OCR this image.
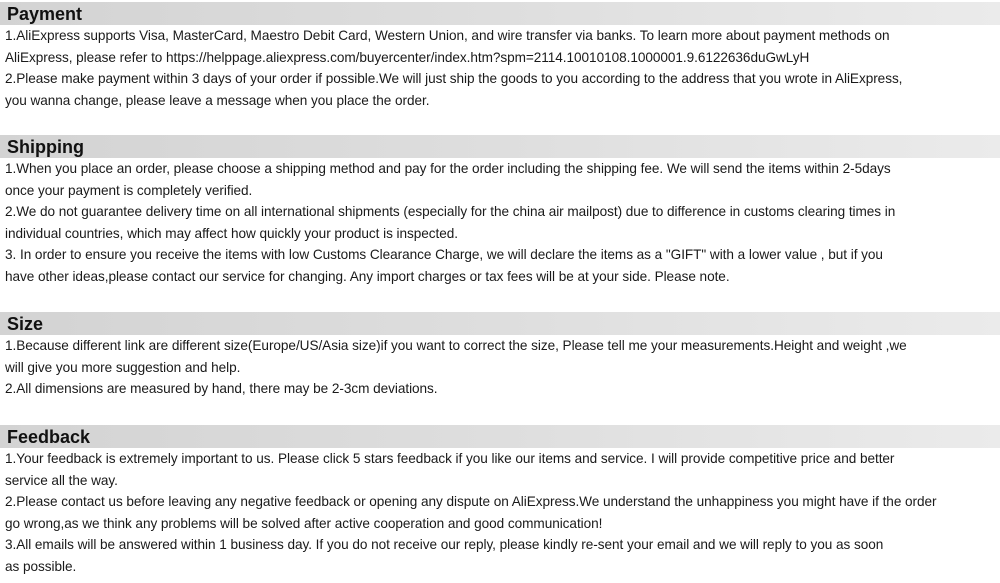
Payment
1.AliExpress supports Visa, MasterCard, Maestro Debit Card, Western Union, and wire transfer via banks. To learn more about payment methods on
AliExpress, please refer to https://helppage.aliexpress.com/buyercenter/index.htm?spm=2114.10010108.1000001.9.6122636duGwLyH
2.Please make payment within 3 days of your order if possible.We will just ship the goods to you according to the address that you wrote in AliExpress,
you wanna change, please leave a message when you place the order.
Shipping
1.When you place an order, please choose a shipping method and pay for the order including the shipping fee. We will send the items within 2-5days
once your payment is completely verified.
2.We do not guarantee delivery time on all international shipments (especially for the china air mailpost) due to difference in customs clearing times in
individual countries, which may affect how quickly your product is inspected.
3. In order to ensure you receive the items with low Customs Clearance Charge, we will declare the items as a "GIFT" with a lower value , but if you
have other ideas,please contact our service for changing. Any import charges or tax fees will be at your side. Please note.
Size
1.Because different link are different size(Europe/US/Asia size)if you want to correct the size, Please tell me your measurements.Height and weight ,we
will give you more suggestion and help.
2.All dimensions are measured by hand, there may be 2-3cm deviations.
Feedback
1.Your feedback is extremely important to us. Please click 5 stars feedback if you like our items and service. I will provide competitive price and better
service all the way.
2.Please contact us before leaving any negative feedback or opening any dispute on AliExpress.We understand the unhappiness you might have if the order
go wrong,as we think any problems will be solved after active cooperation and good communication!
3.All emails will be answered within 1 business day. If you do not receive our reply, please kindly re-sent your email and we will reply to you as soon
as possible.
